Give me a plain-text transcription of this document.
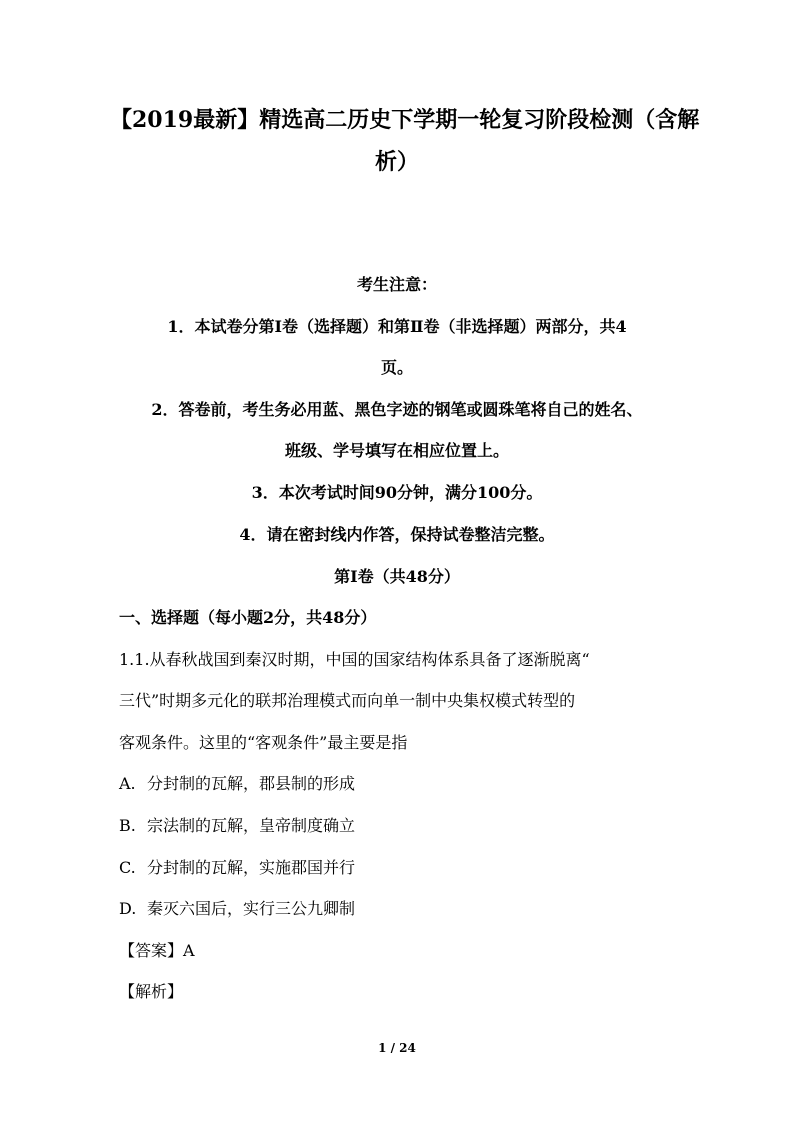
【2019最新】精选高二历史下学期一轮复习阶段检测（含解
析）
考生注意：
1．本试卷分第Ⅰ卷（选择题）和第Ⅱ卷（非选择题）两部分，共4
页。
2．答卷前，考生务必用蓝、黑色字迹的钢笔或圆珠笔将自己的姓名、
班级、学号填写在相应位置上。
3．本次考试时间90分钟，满分100分。
4．请在密封线内作答，保持试卷整洁完整。
第Ⅰ卷（共48分）
一、选择题（每小题2分，共48分）
1.1.从春秋战国到秦汉时期，中国的国家结构体系具备了逐渐脱离“
三代”时期多元化的联邦治理模式而向单一制中央集权模式转型的
客观条件。这里的“客观条件”最主要是指
A. 分封制的瓦解，郡县制的形成
B. 宗法制的瓦解，皇帝制度确立
C. 分封制的瓦解，实施郡国并行
D. 秦灭六国后，实行三公九卿制
【答案】A
【解析】
1 / 24
